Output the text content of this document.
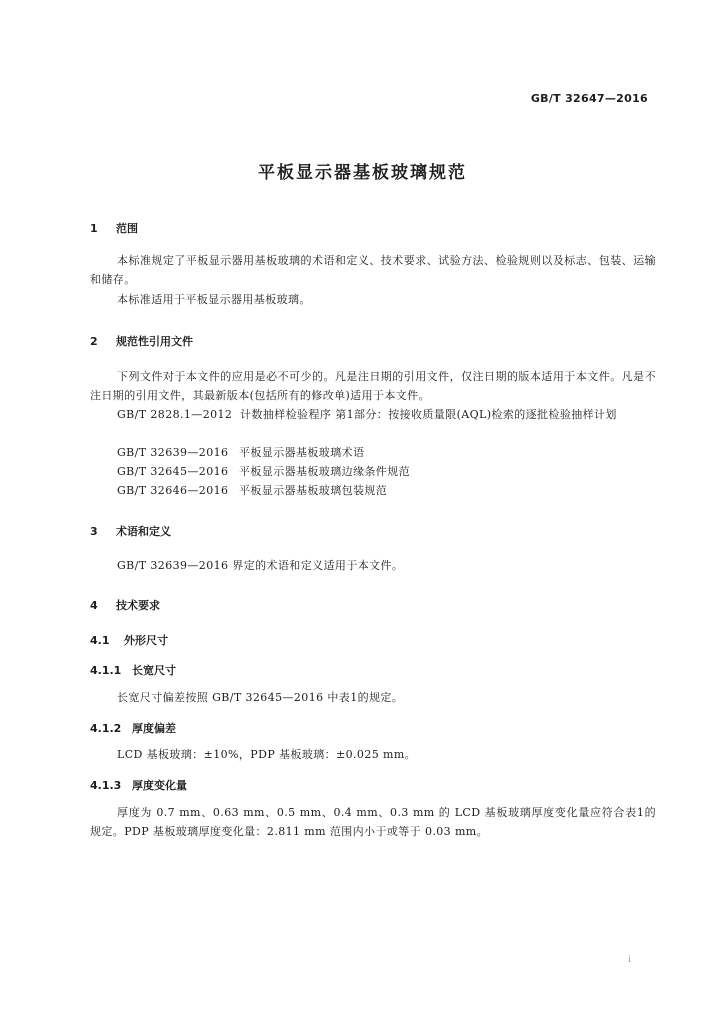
GB/T 32647—2016
平板显示器基板玻璃规范
1 范围
本标准规定了平板显示器用基板玻璃的术语和定义、技术要求、试验方法、检验规则以及标志、包装、运输和储存。
本标准适用于平板显示器用基板玻璃。
2 规范性引用文件
下列文件对于本文件的应用是必不可少的。凡是注日期的引用文件，仅注日期的版本适用于本文件。凡是不注日期的引用文件，其最新版本(包括所有的修改单)适用于本文件。
GB/T 2828.1—2012 计数抽样检验程序 第1部分：按接收质量限(AQL)检索的逐批检验抽样计划
GB/T 32639—2016 平板显示器基板玻璃术语
GB/T 32645—2016 平板显示器基板玻璃边缘条件规范
GB/T 32646—2016 平板显示器基板玻璃包装规范
3 术语和定义
GB/T 32639—2016 界定的术语和定义适用于本文件。
4 技术要求
4.1 外形尺寸
4.1.1 长宽尺寸
长宽尺寸偏差按照 GB/T 32645—2016 中表1的规定。
4.1.2 厚度偏差
LCD 基板玻璃：±10%，PDP 基板玻璃：±0.025 mm。
4.1.3 厚度变化量
厚度为 0.7 mm、0.63 mm、0.5 mm、0.4 mm、0.3 mm 的 LCD 基板玻璃厚度变化量应符合表1的规定。PDP 基板玻璃厚度变化量：2.811 mm 范围内小于或等于 0.03 mm。
i
